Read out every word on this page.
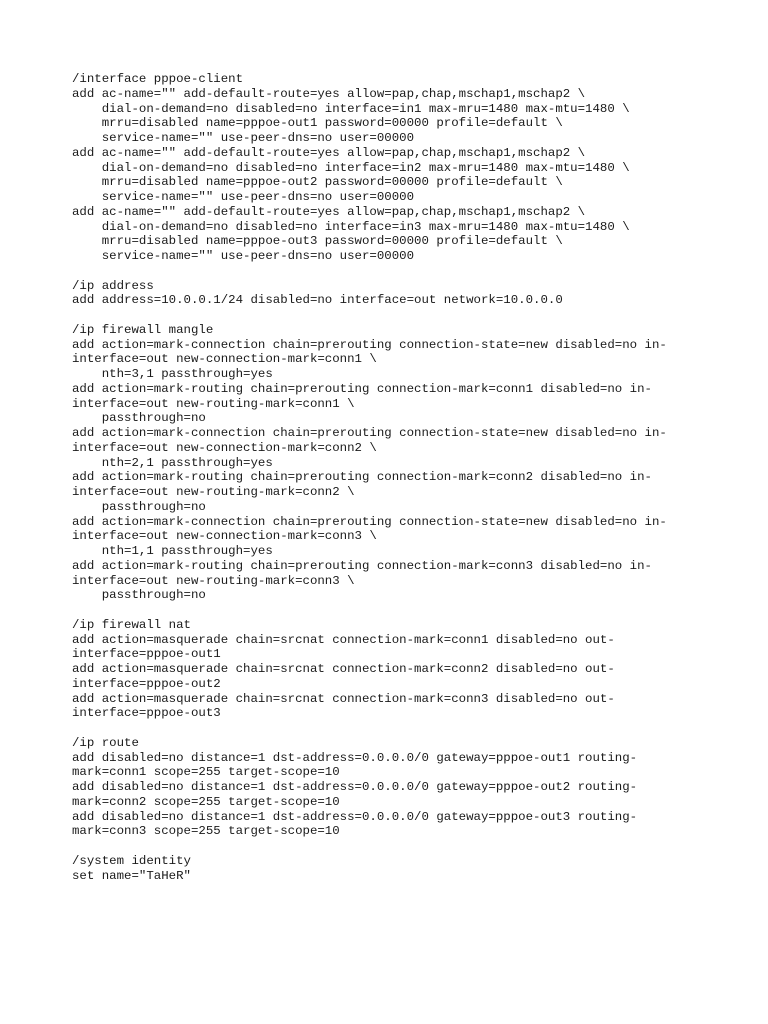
/interface pppoe-client
add ac-name="" add-default-route=yes allow=pap,chap,mschap1,mschap2 \
dial-on-demand=no disabled=no interface=in1 max-mru=1480 max-mtu=1480 \
mrru=disabled name=pppoe-out1 password=00000 profile=default \
service-name="" use-peer-dns=no user=00000
add ac-name="" add-default-route=yes allow=pap,chap,mschap1,mschap2 \
dial-on-demand=no disabled=no interface=in2 max-mru=1480 max-mtu=1480 \
mrru=disabled name=pppoe-out2 password=00000 profile=default \
service-name="" use-peer-dns=no user=00000
add ac-name="" add-default-route=yes allow=pap,chap,mschap1,mschap2 \
dial-on-demand=no disabled=no interface=in3 max-mru=1480 max-mtu=1480 \
mrru=disabled name=pppoe-out3 password=00000 profile=default \
service-name="" use-peer-dns=no user=00000
/ip address
add address=10.0.0.1/24 disabled=no interface=out network=10.0.0.0
/ip firewall mangle
add action=mark-connection chain=prerouting connection-state=new disabled=no in-
interface=out new-connection-mark=conn1 \
nth=3,1 passthrough=yes
add action=mark-routing chain=prerouting connection-mark=conn1 disabled=no in-
interface=out new-routing-mark=conn1 \
passthrough=no
add action=mark-connection chain=prerouting connection-state=new disabled=no in-
interface=out new-connection-mark=conn2 \
nth=2,1 passthrough=yes
add action=mark-routing chain=prerouting connection-mark=conn2 disabled=no in-
interface=out new-routing-mark=conn2 \
passthrough=no
add action=mark-connection chain=prerouting connection-state=new disabled=no in-
interface=out new-connection-mark=conn3 \
nth=1,1 passthrough=yes
add action=mark-routing chain=prerouting connection-mark=conn3 disabled=no in-
interface=out new-routing-mark=conn3 \
passthrough=no
/ip firewall nat
add action=masquerade chain=srcnat connection-mark=conn1 disabled=no out-
interface=pppoe-out1
add action=masquerade chain=srcnat connection-mark=conn2 disabled=no out-
interface=pppoe-out2
add action=masquerade chain=srcnat connection-mark=conn3 disabled=no out-
interface=pppoe-out3
/ip route
add disabled=no distance=1 dst-address=0.0.0.0/0 gateway=pppoe-out1 routing-
mark=conn1 scope=255 target-scope=10
add disabled=no distance=1 dst-address=0.0.0.0/0 gateway=pppoe-out2 routing-
mark=conn2 scope=255 target-scope=10
add disabled=no distance=1 dst-address=0.0.0.0/0 gateway=pppoe-out3 routing-
mark=conn3 scope=255 target-scope=10
/system identity
set name="TaHeR"
